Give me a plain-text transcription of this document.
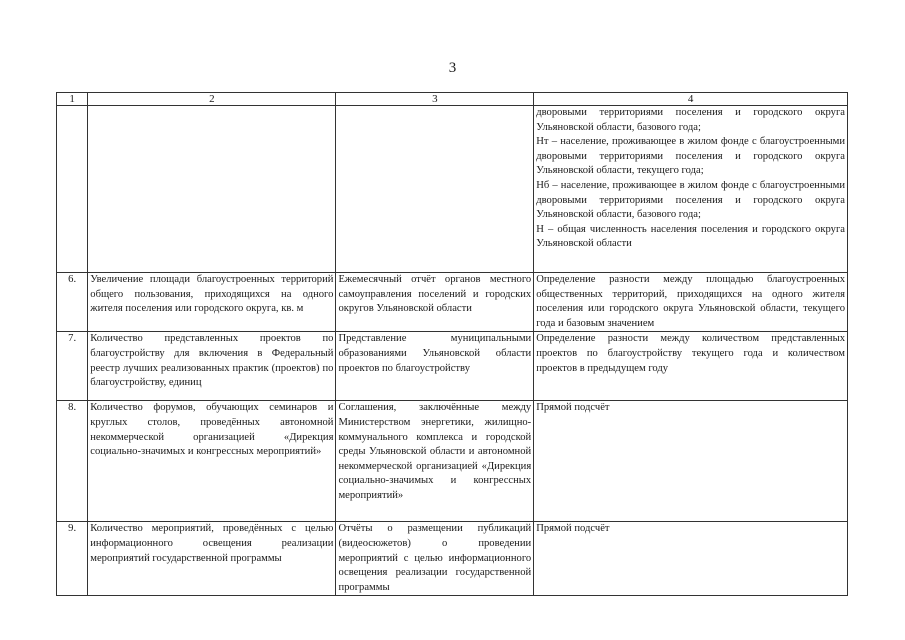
3
1	2	3	4

			дворовыми территориями поселения и городского округа Ульяновской области, базового года;
Нт – население, проживающее в жилом фонде с благоустроенными дворовыми территориями поселения и городского округа Ульяновской области, текущего года;
Нб – население, проживающее в жилом фонде с благоустроенными дворовыми территориями поселения и городского округа Ульяновской области, базового года;
Н – общая численность населения поселения и городского округа Ульяновской области

6.	Увеличение площади благоустроенных территорий общего пользования, приходящихся на одного жителя поселения или городского округа, кв. м	Ежемесячный отчёт органов местного самоуправления поселений и городских округов Ульяновской области	Определение разности между площадью благоустроенных общественных территорий, приходящихся на одного жителя поселения или городского округа Ульяновской области, текущего года и базовым значением
7.	Количество представленных проектов по благоустройству для включения в Федеральный реестр лучших реализованных практик (проектов) по благоустройству, единиц	Представление муниципальными образованиями Ульяновской области проектов по благоустройству	Определение разности между количеством представленных проектов по благоустройству текущего года и количеством проектов в предыдущем году
8.	Количество форумов, обучающих семинаров и круглых столов, проведённых автономной некоммерческой организацией «Дирекция социально-значимых и конгрессных мероприятий»	Соглашения, заключённые между Министерством энергетики, жилищно-коммунального комплекса и городской среды Ульяновской области и автономной некоммерческой организацией «Дирекция социально-значимых и конгрессных мероприятий»	Прямой подсчёт
9.	Количество мероприятий, проведённых с целью информационного освещения реализации мероприятий государственной программы	Отчёты о размещении публикаций (видеосюжетов) о проведении мероприятий с целью информационного освещения реализации государственной программы	Прямой подсчёт
